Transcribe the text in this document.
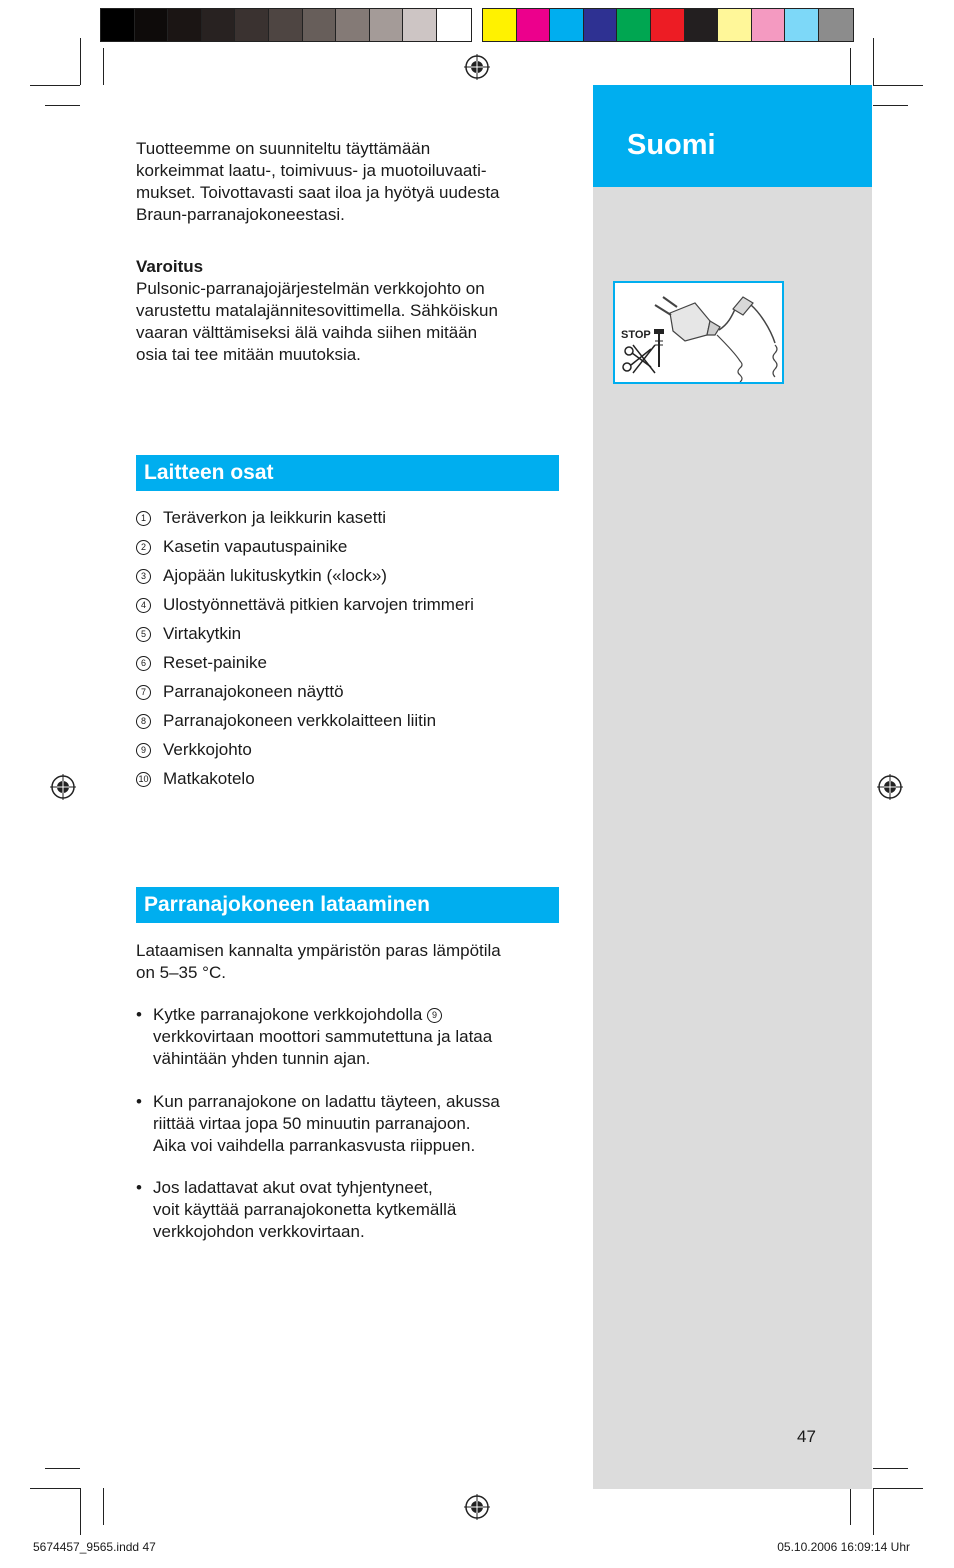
Suomi
STOP
47
Tuotteemme on suunniteltu täyttämään
korkeimmat laatu-, toimivuus- ja muotoiluvaati-
mukset. Toivottavasti saat iloa ja hyötyä uudesta
Braun-parranajokoneestasi.
Varoitus
Pulsonic-parranajojärjestelmän verkkojohto on
varustettu matalajännitesovittimella. Sähköiskun
vaaran välttämiseksi älä vaihda siihen mitään
osia tai tee mitään muutoksia.
Laitteen osat
1 Teräverkon ja leikkurin kasetti
2 Kasetin vapautuspainike
3 Ajopään lukituskytkin («lock»)
4 Ulostyönnettävä pitkien karvojen trimmeri
5 Virtakytkin
6 Reset-painike
7 Parranajokoneen näyttö
8 Parranajokoneen verkkolaitteen liitin
9 Verkkojohto
10 Matkakotelo
Parranajokoneen lataaminen
Lataamisen kannalta ympäristön paras lämpötila
on 5–35 °C.
• Kytke parranajokone verkkojohdolla 9
verkkovirtaan moottori sammutettuna ja lataa
vähintään yhden tunnin ajan.
• Kun parranajokone on ladattu täyteen, akussa
riittää virtaa jopa 50 minuutin parranajoon.
Aika voi vaihdella parrankasvusta riippuen.
• Jos ladattavat akut ovat tyhjentyneet,
voit käyttää parranajokonetta kytkemällä
verkkojohdon verkkovirtaan.
5674457_9565.indd 47	05.10.2006 16:09:14 Uhr
